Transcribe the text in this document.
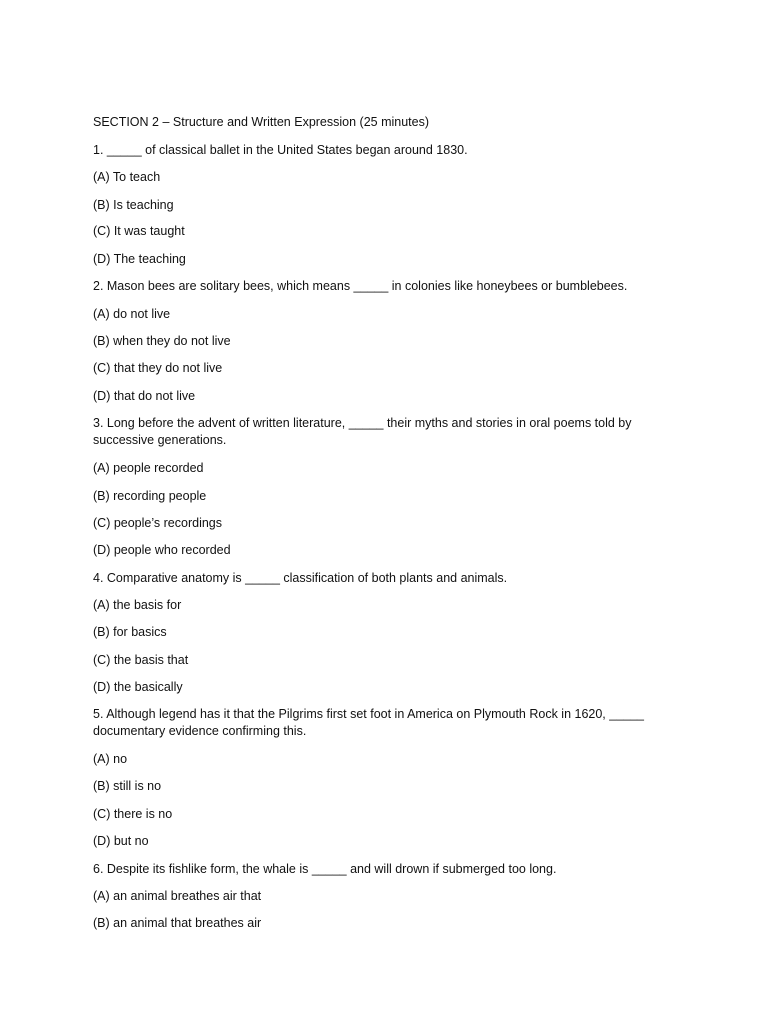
SECTION 2 – Structure and Written Expression (25 minutes)
1. _____ of classical ballet in the United States began around 1830.
(A) To teach
(B) Is teaching
(C) It was taught
(D) The teaching
2. Mason bees are solitary bees, which means _____ in colonies like honeybees or bumblebees.
(A) do not live
(B) when they do not live
(C) that they do not live
(D) that do not live
3. Long before the advent of written literature, _____ their myths and stories in oral poems told by successive generations.
(A) people recorded
(B) recording people
(C) people’s recordings
(D) people who recorded
4. Comparative anatomy is _____ classification of both plants and animals.
(A) the basis for
(B) for basics
(C) the basis that
(D) the basically
5. Although legend has it that the Pilgrims first set foot in America on Plymouth Rock in 1620, _____ documentary evidence confirming this.
(A) no
(B) still is no
(C) there is no
(D) but no
6. Despite its fishlike form, the whale is _____ and will drown if submerged too long.
(A) an animal breathes air that
(B) an animal that breathes air
